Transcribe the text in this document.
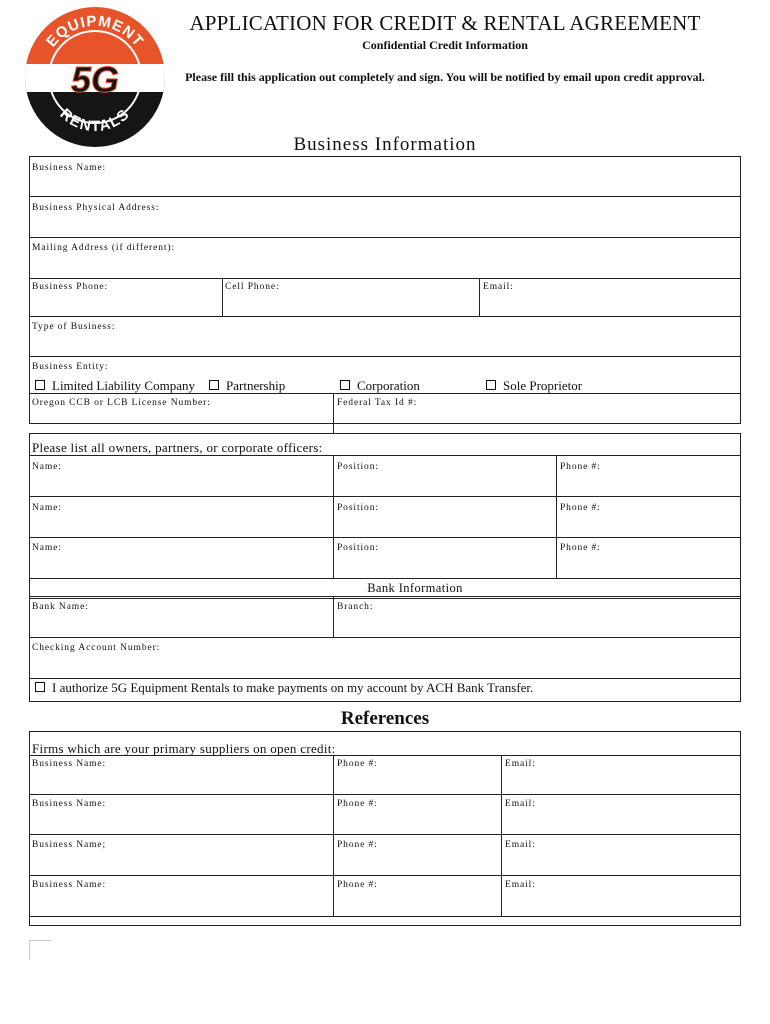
EQUIPMENT
5G
RENTALS
APPLICATION FOR CREDIT & RENTAL AGREEMENT
Confidential Credit Information
Please fill this application out completely and sign. You will be notified by email upon credit approval.
Business Information
Business Name:
Business Physical Address:
Mailing Address (if different):
Business Phone:	Cell Phone:	Email:
Type of Business:
Business Entity:
Limited Liability Company Partnership	Corporation	Sole Proprietor
Oregon CCB or LCB License Number:	Federal Tax Id #:
Please list all owners, partners, or corporate officers:
Name:	Position:	Phone #:
Name:	Position:	Phone #:
Name:	Position:	Phone #:
Bank Information
Bank Name:	Branch:
Checking Account Number:
I authorize 5G Equipment Rentals to make payments on my account by ACH Bank Transfer.
References
Firms which are your primary suppliers on open credit:
Business Name:	Phone #:	Email:
Business Name:	Phone #:	Email:
Business Name;	Phone #:	Email:
Business Name:	Phone #:	Email:
